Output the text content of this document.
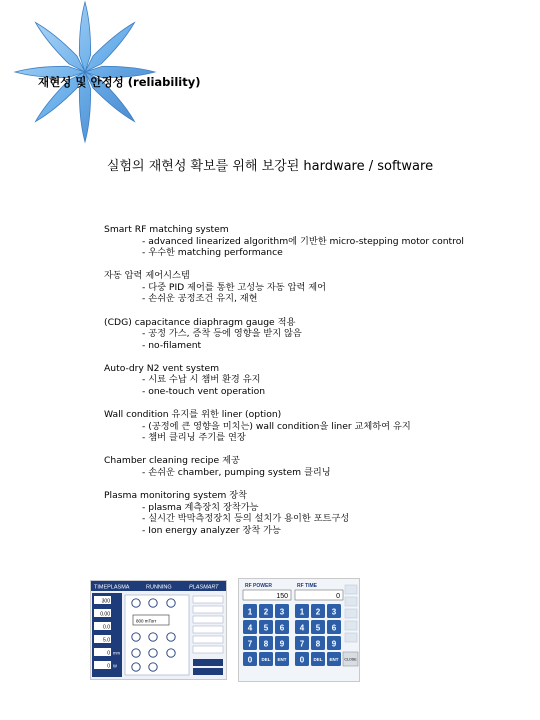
재현성 및 안정성 (reliability)
실험의 재현성 확보를 위해 보강된 hardware / software
Smart RF matching system
- advanced linearized algorithm에 기반한 micro-stepping motor control
- 우수한 matching performance
자동 압력 제어시스템
- 다중 PID 제어를 통한 고성능 자동 압력 제어
- 손쉬운 공정조건 유지, 재현
(CDG) capacitance diaphragm gauge 적용
- 공정 가스, 증착 등에 영향을 받지 않음
- no-filament
Auto-dry N2 vent system
- 시료 수납 시 챔버 환경 유지
- one-touch vent operation
Wall condition 유지를 위한 liner (option)
- (공정에 큰 영향을 미치는) wall condition을 liner 교체하여 유지
- 챔버 클리닝 주기를 연장
Chamber cleaning recipe 제공
- 손쉬운 chamber, pumping system 클리닝
Plasma monitoring system 장착
- plasma 계측장치 장착가능
- 실시간 박막측정장치 등의 설치가 용이한 포트구성
- Ion energy analyzer 장착 가능
TIMEPLASMA	RUNNING	PLASMART
300
0.00
0.0
5.0
0 mm
0 W
800 mTorr
RF POWER	RF TIME
150	0
1 2 3
4 5 6
7 8 9
0 DEL ENT
1 2 3
4 5 6
7 8 9
0 DEL ENT CLOSE
